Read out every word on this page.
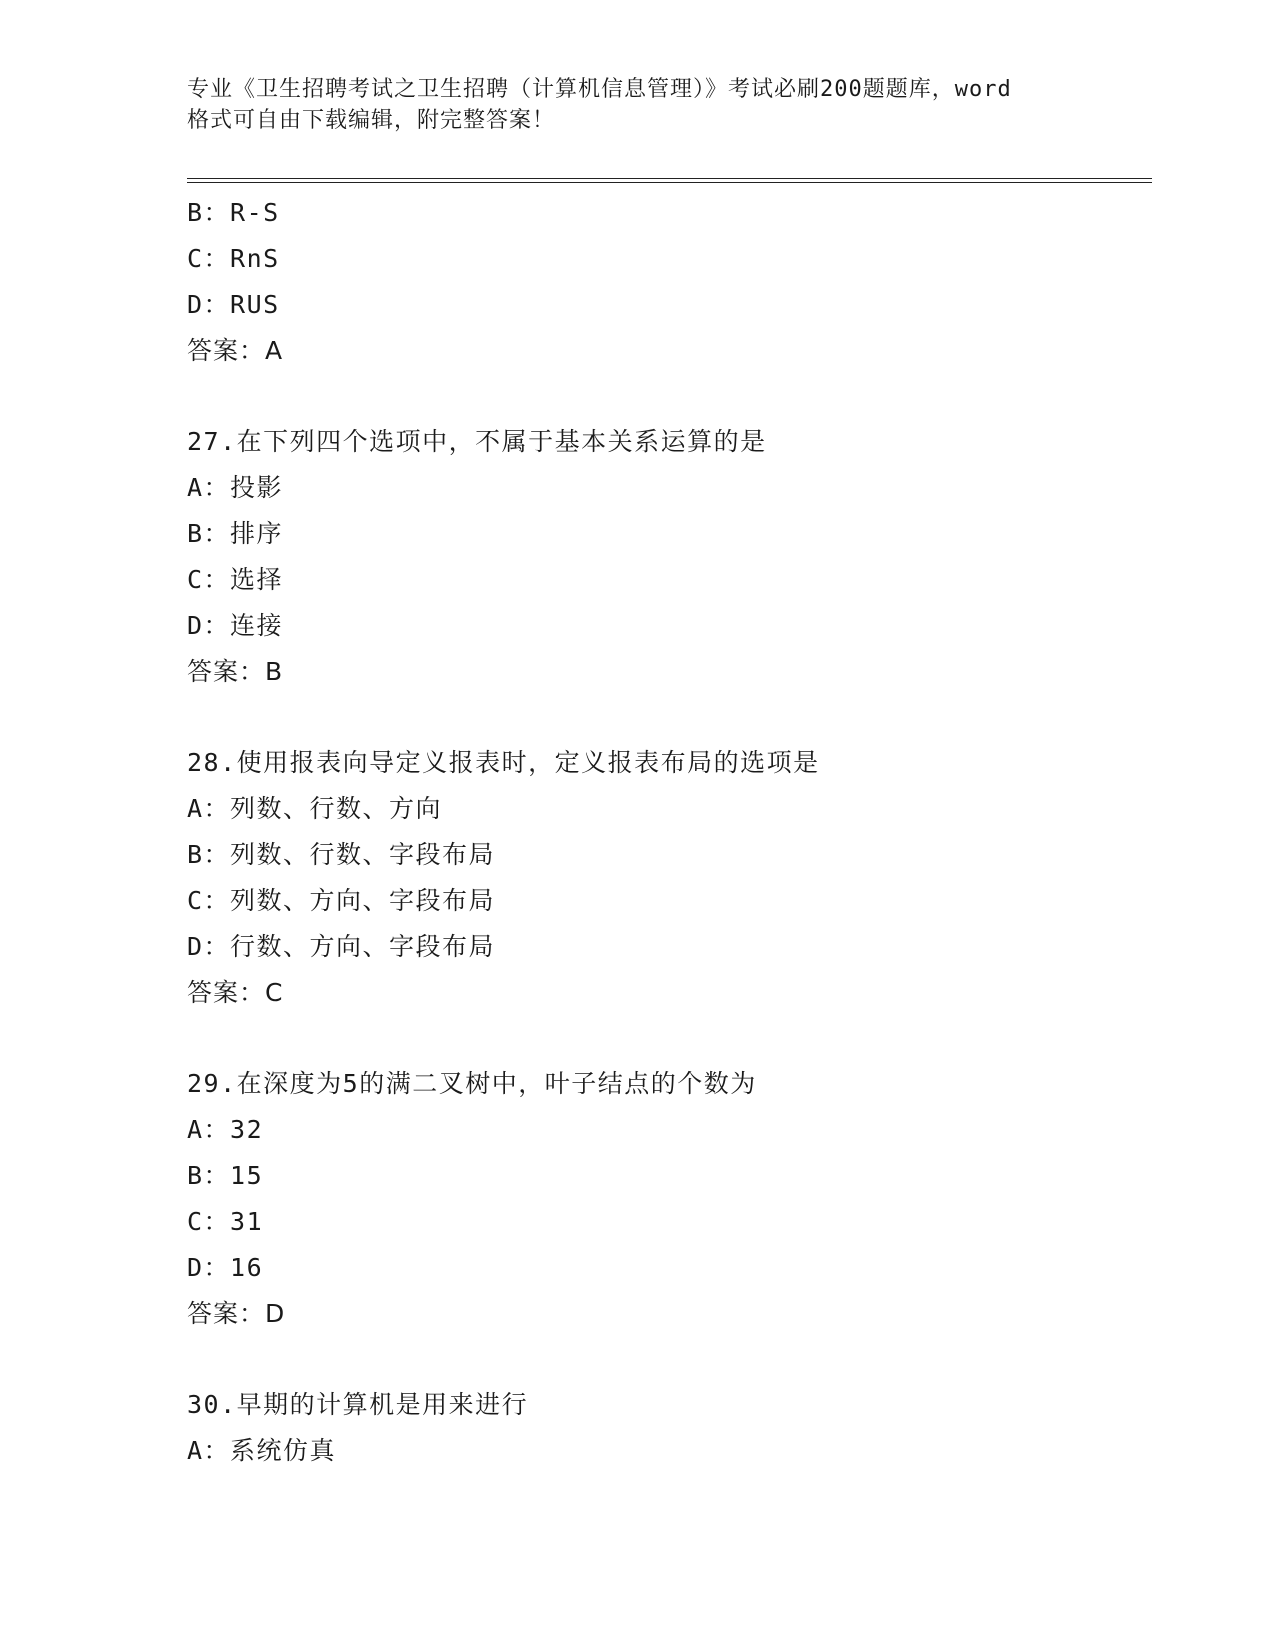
专业《卫生招聘考试之卫生招聘（计算机信息管理）》考试必刷200题题库，word
格式可自由下载编辑，附完整答案！
B：R-S
C：RnS
D：RUS
答案：A
27.在下列四个选项中，不属于基本关系运算的是
A：投影
B：排序
C：选择
D：连接
答案：B
28.使用报表向导定义报表时，定义报表布局的选项是
A：列数、行数、方向
B：列数、行数、字段布局
C：列数、方向、字段布局
D：行数、方向、字段布局
答案：C
29.在深度为5的满二叉树中，叶子结点的个数为
A：32
B：15
C：31
D：16
答案：D
30.早期的计算机是用来进行
A：系统仿真
